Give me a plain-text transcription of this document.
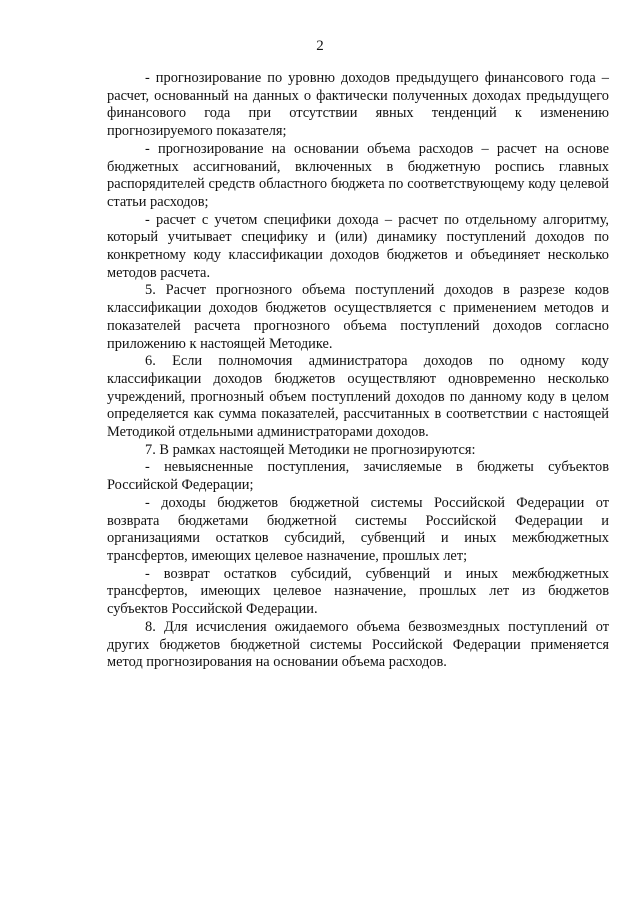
2

- прогнозирование по уровню доходов предыдущего финансового года – расчет, основанный на данных о фактически полученных доходах предыдущего финансового года при отсутствии явных тенденций к изменению прогнозируемого показателя;

- прогнозирование на основании объема расходов – расчет на основе бюджетных ассигнований, включенных в бюджетную роспись главных распорядителей средств областного бюджета по соответствующему коду целевой статьи расходов;

- расчет с учетом специфики дохода – расчет по отдельному алгоритму, который учитывает специфику и (или) динамику поступлений доходов по конкретному коду классификации доходов бюджетов и объединяет несколько методов расчета.

5. Расчет прогнозного объема поступлений доходов в разрезе кодов классификации доходов бюджетов осуществляется с применением методов и показателей расчета прогнозного объема поступлений доходов согласно приложению к настоящей Методике.

6. Если полномочия администратора доходов по одному коду классификации доходов бюджетов осуществляют одновременно несколько учреждений, прогнозный объем поступлений доходов по данному коду в целом определяется как сумма показателей, рассчитанных в соответствии с настоящей Методикой отдельными администраторами доходов.

7. В рамках настоящей Методики не прогнозируются:

- невыясненные поступления, зачисляемые в бюджеты субъектов Российской Федерации;

- доходы бюджетов бюджетной системы Российской Федерации от возврата бюджетами бюджетной системы Российской Федерации и организациями остатков субсидий, субвенций и иных межбюджетных трансфертов, имеющих целевое назначение, прошлых лет;

- возврат остатков субсидий, субвенций и иных межбюджетных трансфертов, имеющих целевое назначение, прошлых лет из бюджетов субъектов Российской Федерации.

8. Для исчисления ожидаемого объема безвозмездных поступлений от других бюджетов бюджетной системы Российской Федерации применяется метод прогнозирования на основании объема расходов.
